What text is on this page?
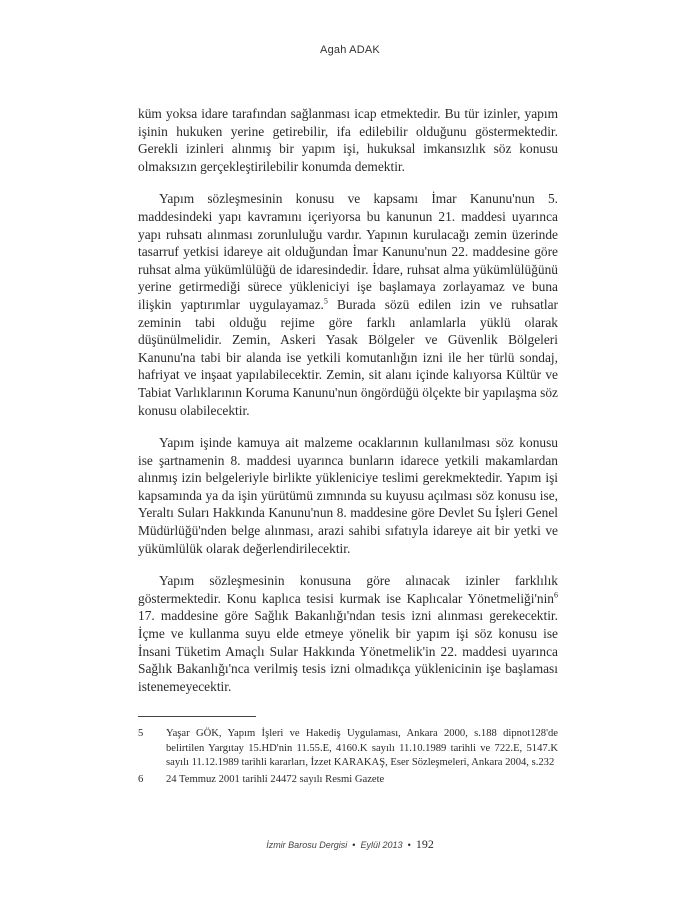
Agah ADAK

küm yoksa idare tarafından sağlanması icap etmektedir. Bu tür izinler, yapım işinin hukuken yerine getirebilir, ifa edilebilir olduğunu göstermektedir. Gerekli izinleri alınmış bir yapım işi, hukuksal imkansızlık söz konusu olmaksızın gerçekleştirilebilir konumda demektir.

Yapım sözleşmesinin konusu ve kapsamı İmar Kanunu'nun 5. maddesindeki yapı kavramını içeriyorsa bu kanunun 21. maddesi uyarınca yapı ruhsatı alınması zorunluluğu vardır. Yapının kurulacağı zemin üzerinde tasarruf yetkisi idareye ait olduğundan İmar Kanunu'nun 22. maddesine göre ruhsat alma yükümlülüğü de idaresindedir. İdare, ruhsat alma yükümlülüğünü yerine getirmediği sürece yükleniciyi işe başlamaya zorlayamaz ve buna ilişkin yaptırımlar uygulayamaz.$^5$ Burada sözü edilen izin ve ruhsatlar zeminin tabi olduğu rejime göre farklı anlamlarla yüklü olarak düşünülmelidir. Zemin, Askeri Yasak Bölgeler ve Güvenlik Bölgeleri Kanunu'na tabi bir alanda ise yetkili komutanlığın izni ile her türlü sondaj, hafriyat ve inşaat yapılabilecektir. Zemin, sit alanı içinde kalıyorsa Kültür ve Tabiat Varlıklarının Koruma Kanunu'nun öngördüğü ölçekte bir yapılaşma söz konusu olabilecektir.

Yapım işinde kamuya ait malzeme ocaklarının kullanılması söz konusu ise şartnamenin 8. maddesi uyarınca bunların idarece yetkili makamlardan alınmış izin belgeleriyle birlikte yükleniciye teslimi gerekmektedir. Yapım işi kapsamında ya da işin yürütümü zımnında su kuyusu açılması söz konusu ise, Yeraltı Suları Hakkında Kanunu'nun 8. maddesine göre Devlet Su İşleri Genel Müdürlüğü'nden belge alınması, arazi sahibi sıfatıyla idareye ait bir yetki ve yükümlülük olarak değerlendirilecektir.

Yapım sözleşmesinin konusuna göre alınacak izinler farklılık göstermektedir. Konu kaplıca tesisi kurmak ise Kaplıcalar Yönetmeliği'nin$^6$ 17. maddesine göre Sağlık Bakanlığı'ndan tesis izni alınması gerekecektir. İçme ve kullanma suyu elde etmeye yönelik bir yapım işi söz konusu ise İnsani Tüketim Amaçlı Sular Hakkında Yönetmelik'in 22. maddesi uyarınca Sağlık Bakanlığı'nca verilmiş tesis izni olmadıkça yüklenicinin işe başlaması istenemeyecektir.

5	Yaşar GÖK, Yapım İşleri ve Hakediş Uygulaması, Ankara 2000, s.188 dipnot128'de belirtilen Yargıtay 15.HD'nin 11.55.E, 4160.K sayılı 11.10.1989 tarihli ve 722.E, 5147.K sayılı 11.12.1989 tarihli kararları, İzzet KARAKAŞ, Eser Sözleşmeleri, Ankara 2004, s.232
6	24 Temmuz 2001 tarihli 24472 sayılı Resmi Gazete
İzmir Barosu Dergisi • Eylül 2013 • 192
